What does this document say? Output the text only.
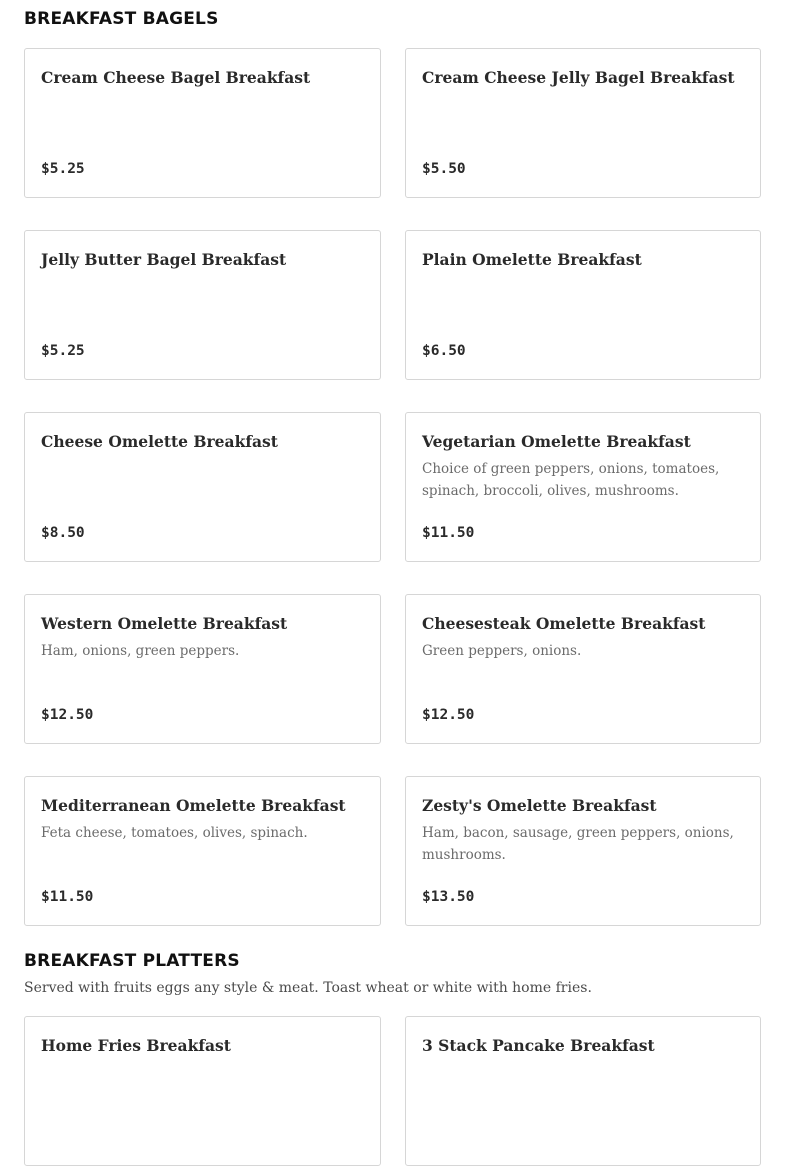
BREAKFAST BAGELS

Cream Cheese Bagel Breakfast

$5.25

Cream Cheese Jelly Bagel Breakfast

$5.50

Jelly Butter Bagel Breakfast

$5.25

Plain Omelette Breakfast

$6.50

Cheese Omelette Breakfast

$8.50

Vegetarian Omelette Breakfast

Choice of green peppers, onions, tomatoes, spinach, broccoli, olives, mushrooms.

$11.50

Western Omelette Breakfast

Ham, onions, green peppers.

$12.50

Cheesesteak Omelette Breakfast

Green peppers, onions.

$12.50

Mediterranean Omelette Breakfast

Feta cheese, tomatoes, olives, spinach.

$11.50

Zesty's Omelette Breakfast

Ham, bacon, sausage, green peppers, onions, mushrooms.

$13.50
BREAKFAST PLATTERS

Served with fruits eggs any style & meat. Toast wheat or white with home fries.

Home Fries Breakfast	3 Stack Pancake Breakfast
